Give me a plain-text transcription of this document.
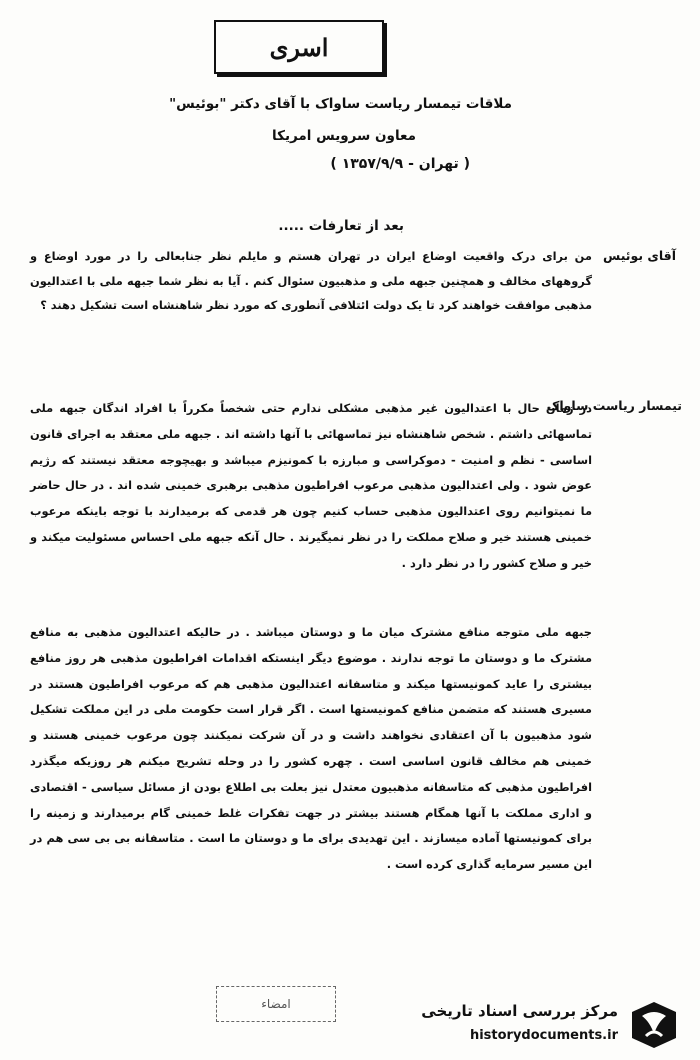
اسری
ملاقات تیمسار ریاست ساواک با آقای دکتر "بوئیس"
معاون سرویس امریکا
( تهران - ۱۳۵۷/۹/۹ )
بعد از تعارفات .....
آقای بوئیس
من برای درک واقعیت اوضاع ایران در تهران هستم و مایلم نظر جنابعالی را در مورد اوضاع و گروههای مخالف و همچنین جبهه ملی و مذهبیون سئوال کنم . آیا به نظر شما جبهه ملی با اعتدالیون مذهبی موافقت خواهند کرد تا یک دولت ائتلافی آنطوری که مورد نظر شاهنشاه است تشکیل دهند ؟
تیمسار ریاست ساواک
در زمان حال با اعتدالیون غیر مذهبی مشکلی ندارم حتی شخصاً مکرراً با افراد اندگان جبهه ملی تماسهائی داشتم . شخص شاهنشاه نیز تماسهائی با آنها داشته اند . جبهه ملی معتقد به اجرای قانون اساسی - نظم و امنیت - دموکراسی و مبارزه با کمونیزم میباشد و بهیچوجه معتقد نیستند که رژیم عوض شود . ولی اعتدالیون مذهبی مرعوب افراطیون مذهبی برهبری خمینی شده اند . در حال حاضر ما نمیتوانیم روی اعتدالیون مذهبی حساب کنیم چون هر قدمی که برمیدارند با توجه باینکه مرعوب خمینی هستند خیر و صلاح مملکت را در نظر نمیگیرند . حال آنکه جبهه ملی احساس مسئولیت میکند و خیر و صلاح کشور را در نظر دارد .
جبهه ملی متوجه منافع مشترک میان ما و دوستان میباشد . در حالیکه اعتدالیون مذهبی به منافع مشترک ما و دوستان ما توجه ندارند . موضوع دیگر اینستکه اقدامات افراطیون مذهبی هر روز منافع بیشتری را عاید کمونیستها میکند و متاسفانه اعتدالیون مذهبی هم که مرعوب افراطیون هستند در مسیری هستند که متضمن منافع کمونیستها است . اگر قرار است حکومت ملی در این مملکت تشکیل شود مذهبیون با آن اعتقادی نخواهند داشت و در آن شرکت نمیکنند چون مرعوب خمینی هستند و خمینی هم مخالف قانون اساسی است . چهره کشور را در وحله تشریح میکنم هر روزیکه میگذرد افراطیون مذهبی که متاسفانه مذهبیون معتدل نیز بعلت بی اطلاع بودن از مسائل سیاسی - اقتصادی و اداری مملکت با آنها همگام هستند بیشتر در جهت تفکرات غلط خمینی گام برمیدارند و زمینه را برای کمونیستها آماده میسازند . این تهدیدی برای ما و دوستان ما است . متاسفانه بی بی سی هم در این مسیر سرمایه گذاری کرده است .
امضاء	مرکز بررسی اسناد تاریخی
historydocuments.ir
